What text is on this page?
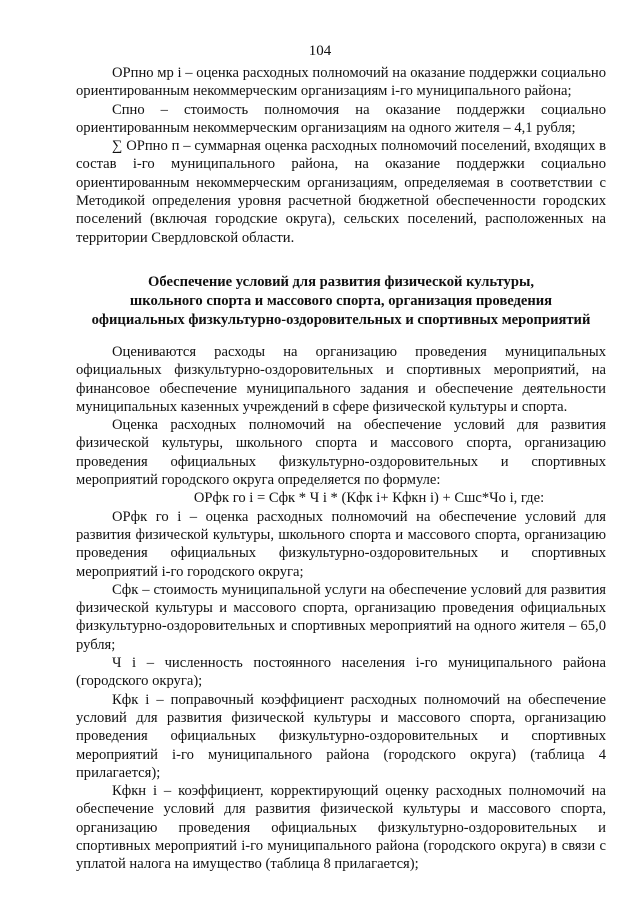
104

ОРпно мр i – оценка расходных полномочий на оказание поддержки социально ориентированным некоммерческим организациям i-го муниципального района;

Спно – стоимость полномочия на оказание поддержки социально ориентированным некоммерческим организациям на одного жителя – 4,1 рубля;

∑ ОРпно п – суммарная оценка расходных полномочий поселений, входящих в состав i-го муниципального района, на оказание поддержки социально ориентированным некоммерческим организациям, определяемая в соответствии с Методикой определения уровня расчетной бюджетной обеспеченности городских поселений (включая городские округа), сельских поселений, расположенных на территории Свердловской области.

Обеспечение условий для развития физической культуры,
школьного спорта и массового спорта, организация проведения
официальных физкультурно-оздоровительных и спортивных мероприятий

Оцениваются расходы на организацию проведения муниципальных официальных физкультурно-оздоровительных и спортивных мероприятий, на финансовое обеспечение муниципального задания и обеспечение деятельности муниципальных казенных учреждений в сфере физической культуры и спорта.

Оценка расходных полномочий на обеспечение условий для развития физической культуры, школьного спорта и массового спорта, организацию проведения официальных физкультурно-оздоровительных и спортивных мероприятий городского округа определяется по формуле:

ОРфк го i = Сфк * Ч i * (Кфк i+ Кфкн i) + Сшс*Чо i, где:

ОРфк го i – оценка расходных полномочий на обеспечение условий для развития физической культуры, школьного спорта и массового спорта, организацию проведения официальных физкультурно-оздоровительных и спортивных мероприятий i-го городского округа;

Сфк – стоимость муниципальной услуги на обеспечение условий для развития физической культуры и массового спорта, организацию проведения официальных физкультурно-оздоровительных и спортивных мероприятий на одного жителя – 65,0 рубля;

Ч i – численность постоянного населения i-го муниципального района (городского округа);

Кфк i – поправочный коэффициент расходных полномочий на обеспечение условий для развития физической культуры и массового спорта, организацию проведения официальных физкультурно-оздоровительных и спортивных мероприятий i-го муниципального района (городского округа) (таблица 4 прилагается);

Кфкн i – коэффициент, корректирующий оценку расходных полномочий на обеспечение условий для развития физической культуры и массового спорта, организацию проведения официальных физкультурно-оздоровительных и спортивных мероприятий i-го муниципального района (городского округа) в связи с уплатой налога на имущество (таблица 8 прилагается);
